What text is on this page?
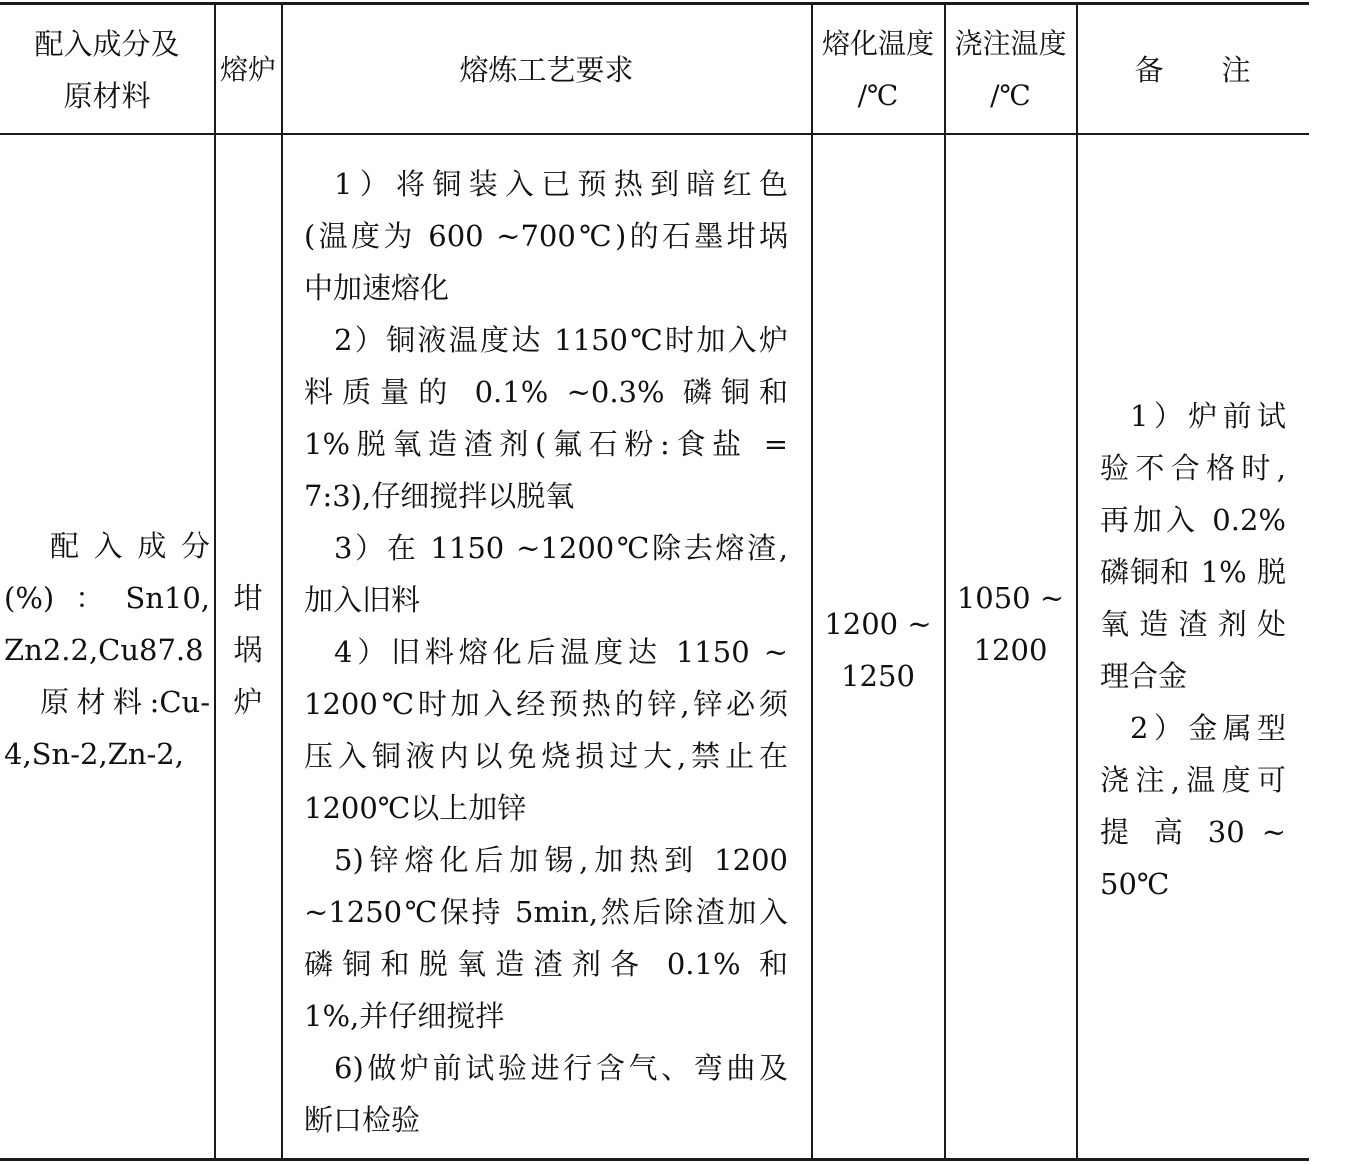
配入成分及
原材料
熔炉	熔炼工艺要求
熔化温度
/℃
浇注温度
/℃
备　　注
配 入 成 分
(%)：Sn10,
Zn2.2,Cu87.8
原材料:Cu-
4,Sn-2,Zn-2,
坩
埚
炉
1）将铜装入已预热到暗红色
(温度为 600 ~700℃)的石墨坩埚
中加速熔化
2）铜液温度达 1150℃时加入炉
料质量的 0.1% ~0.3% 磷铜和
1%脱氧造渣剂(氟石粉:食盐 =
7:3),仔细搅拌以脱氧
3）在 1150 ~1200℃除去熔渣,
加入旧料
4）旧料熔化后温度达 1150 ~
1200℃时加入经预热的锌,锌必须
压入铜液内以免烧损过大,禁止在
1200℃以上加锌
5)锌熔化后加锡,加热到 1200
~1250℃保持 5min,然后除渣加入
磷铜和脱氧造渣剂各 0.1% 和
1%,并仔细搅拌
6)做炉前试验进行含气、弯曲及
断口检验
1200 ~
1250
1050 ~
1200
1）炉前试
验不合格时,
再加入 0.2%
磷铜和 1% 脱
氧造渣剂处
理合金
2）金属型
浇注,温度可
提 高 30 ~
50℃
